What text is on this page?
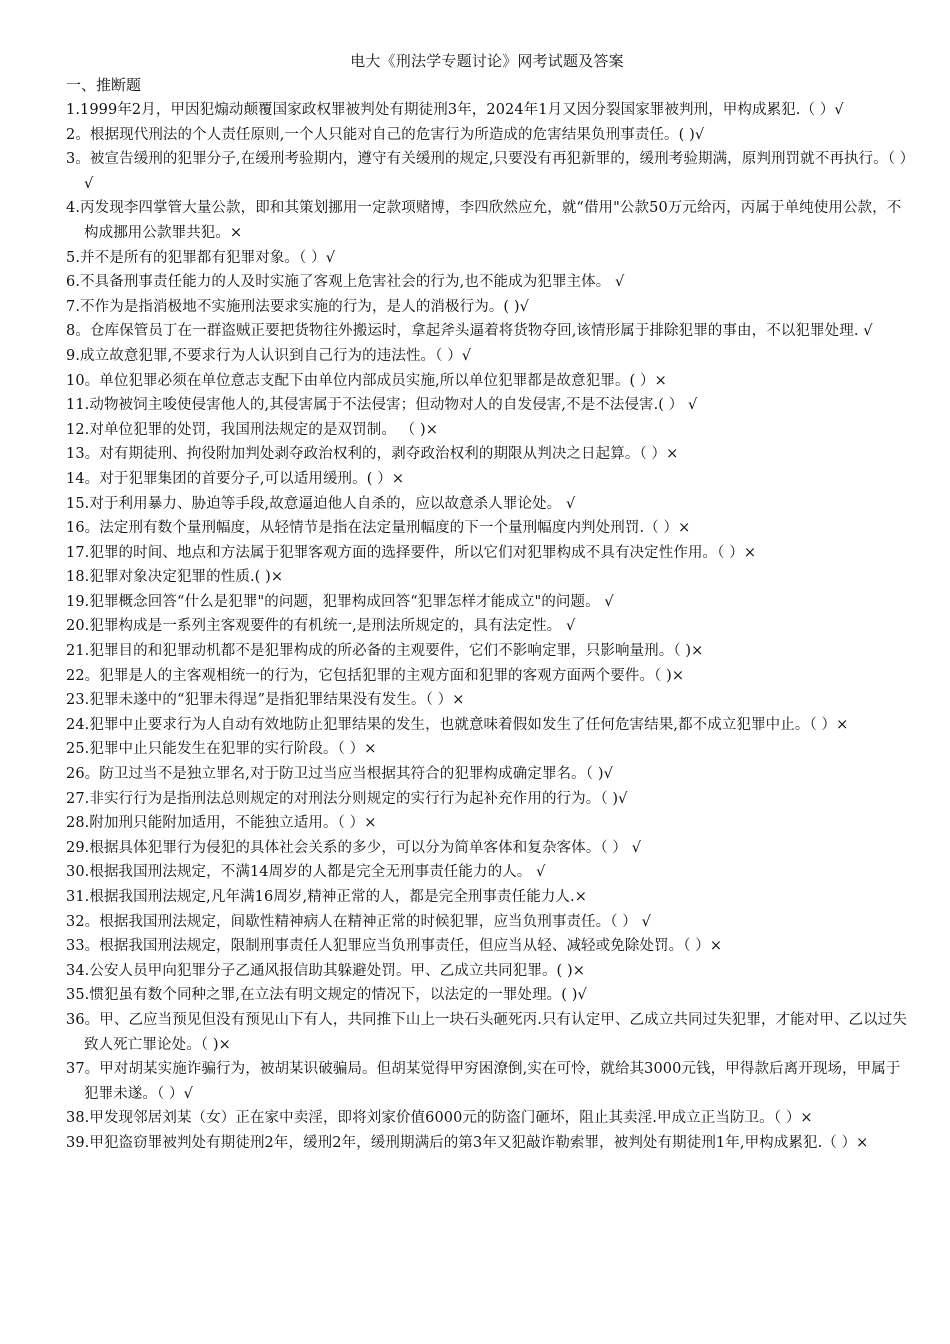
电大《刑法学专题讨论》网考试题及答案
一、推断题
1.1999年2月，甲因犯煽动颠覆国家政权罪被判处有期徒刑3年，2024年1月又因分裂国家罪被判刑，甲构成累犯.（ ）√
2。根据现代刑法的个人责任原则,一个人只能对自己的危害行为所造成的危害结果负刑事责任。( )√
3。被宣告缓刑的犯罪分子,在缓刑考验期内，遵守有关缓刑的规定,只要没有再犯新罪的，缓刑考验期满，原判刑罚就不再执行。（ ）√
4.丙发现李四掌管大量公款，即和其策划挪用一定款项赌博，李四欣然应允，就“借用"公款50万元给丙，丙属于单纯使用公款，不构成挪用公款罪共犯。×
5.并不是所有的犯罪都有犯罪对象。（ ）√
6.不具备刑事责任能力的人及时实施了客观上危害社会的行为,也不能成为犯罪主体。 √
7.不作为是指消极地不实施刑法要求实施的行为，是人的消极行为。( )√
8。仓库保管员丁在一群盗贼正要把货物往外搬运时，拿起斧头逼着将货物夺回,该情形属于排除犯罪的事由，不以犯罪处理. √
9.成立故意犯罪,不要求行为人认识到自己行为的违法性。（ ）√
10。单位犯罪必须在单位意志支配下由单位内部成员实施,所以单位犯罪都是故意犯罪。( ）×
11.动物被饲主唆使侵害他人的,其侵害属于不法侵害；但动物对人的自发侵害,不是不法侵害.( ） √
12.对单位犯罪的处罚，我国刑法规定的是双罚制。 （ )×
13。对有期徒刑、拘役附加判处剥夺政治权利的，剥夺政治权利的期限从判决之日起算。（ ）×
14。对于犯罪集团的首要分子,可以适用缓刑。( ）×
15.对于利用暴力、胁迫等手段,故意逼迫他人自杀的，应以故意杀人罪论处。 √
16。法定刑有数个量刑幅度，从轻情节是指在法定量刑幅度的下一个量刑幅度内判处刑罚.（ ）×
17.犯罪的时间、地点和方法属于犯罪客观方面的选择要件，所以它们对犯罪构成不具有决定性作用。（ ）×
18.犯罪对象决定犯罪的性质.( )×
19.犯罪概念回答“什么是犯罪"的问题，犯罪构成回答“犯罪怎样才能成立"的问题。 √
20.犯罪构成是一系列主客观要件的有机统一,是刑法所规定的，具有法定性。 √
21.犯罪目的和犯罪动机都不是犯罪构成的所必备的主观要件，它们不影响定罪，只影响量刑。（ )×
22。犯罪是人的主客观相统一的行为，它包括犯罪的主观方面和犯罪的客观方面两个要件。（ )×
23.犯罪未遂中的“犯罪未得逞”是指犯罪结果没有发生。（ ）×
24.犯罪中止要求行为人自动有效地防止犯罪结果的发生，也就意味着假如发生了任何危害结果,都不成立犯罪中止。（ ）×
25.犯罪中止只能发生在犯罪的实行阶段。（ ）×
26。防卫过当不是独立罪名,对于防卫过当应当根据其符合的犯罪构成确定罪名。（ )√
27.非实行行为是指刑法总则规定的对刑法分则规定的实行行为起补充作用的行为。（ )√
28.附加刑只能附加适用，不能独立适用。（ ）×
29.根据具体犯罪行为侵犯的具体社会关系的多少，可以分为简单客体和复杂客体。（ ） √
30.根据我国刑法规定，不满14周岁的人都是完全无刑事责任能力的人。 √
31.根据我国刑法规定,凡年满16周岁,精神正常的人，都是完全刑事责任能力人.×
32。根据我国刑法规定，间歇性精神病人在精神正常的时候犯罪，应当负刑事责任。（ ） √
33。根据我国刑法规定，限制刑事责任人犯罪应当负刑事责任，但应当从轻、减轻或免除处罚。（ ）×
34.公安人员甲向犯罪分子乙通风报信助其躲避处罚。甲、乙成立共同犯罪。( )×
35.惯犯虽有数个同种之罪,在立法有明文规定的情况下，以法定的一罪处理。( )√
36。甲、乙应当预见但没有预见山下有人，共同推下山上一块石头砸死丙.只有认定甲、乙成立共同过失犯罪，才能对甲、乙以过失致人死亡罪论处。（ )×
37。甲对胡某实施诈骗行为，被胡某识破骗局。但胡某觉得甲穷困潦倒,实在可怜，就给其3000元钱，甲得款后离开现场，甲属于犯罪未遂。（ ）√
38.甲发现邻居刘某（女）正在家中卖淫，即将刘家价值6000元的防盗门砸坏，阻止其卖淫.甲成立正当防卫。（ ）×
39.甲犯盗窃罪被判处有期徒刑2年，缓刑2年，缓刑期满后的第3年又犯敲诈勒索罪，被判处有期徒刑1年,甲构成累犯.（ ）×
